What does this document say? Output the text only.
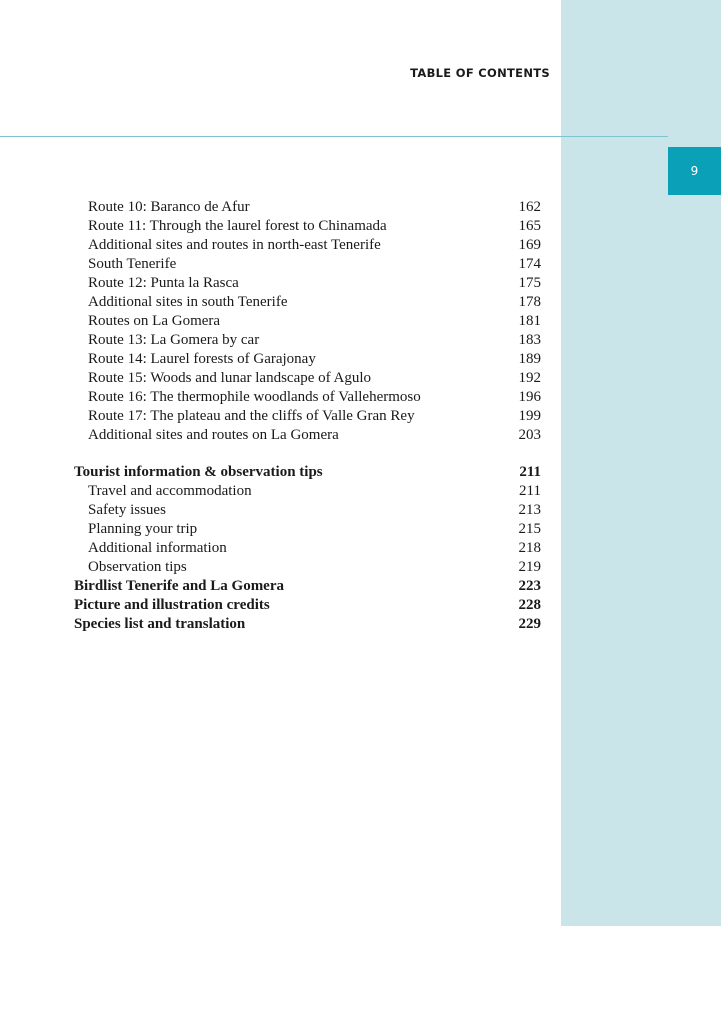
9
TABLE OF CONTENTS
Route 10: Baranco de Afur	162
Route 11: Through the laurel forest to Chinamada	165
Additional sites and routes in north-east Tenerife	169
South Tenerife	174
Route 12: Punta la Rasca	175
Additional sites in south Tenerife	178
Routes on La Gomera	181
Route 13: La Gomera by car	183
Route 14: Laurel forests of Garajonay	189
Route 15: Woods and lunar landscape of Agulo	192
Route 16: The thermophile woodlands of Vallehermoso	196
Route 17: The plateau and the cliffs of Valle Gran Rey	199
Additional sites and routes on La Gomera	203
Tourist information & observation tips	211
Travel and accommodation	211
Safety issues	213
Planning your trip	215
Additional information	218
Observation tips	219
Birdlist Tenerife and La Gomera	223
Picture and illustration credits	228
Species list and translation	229
